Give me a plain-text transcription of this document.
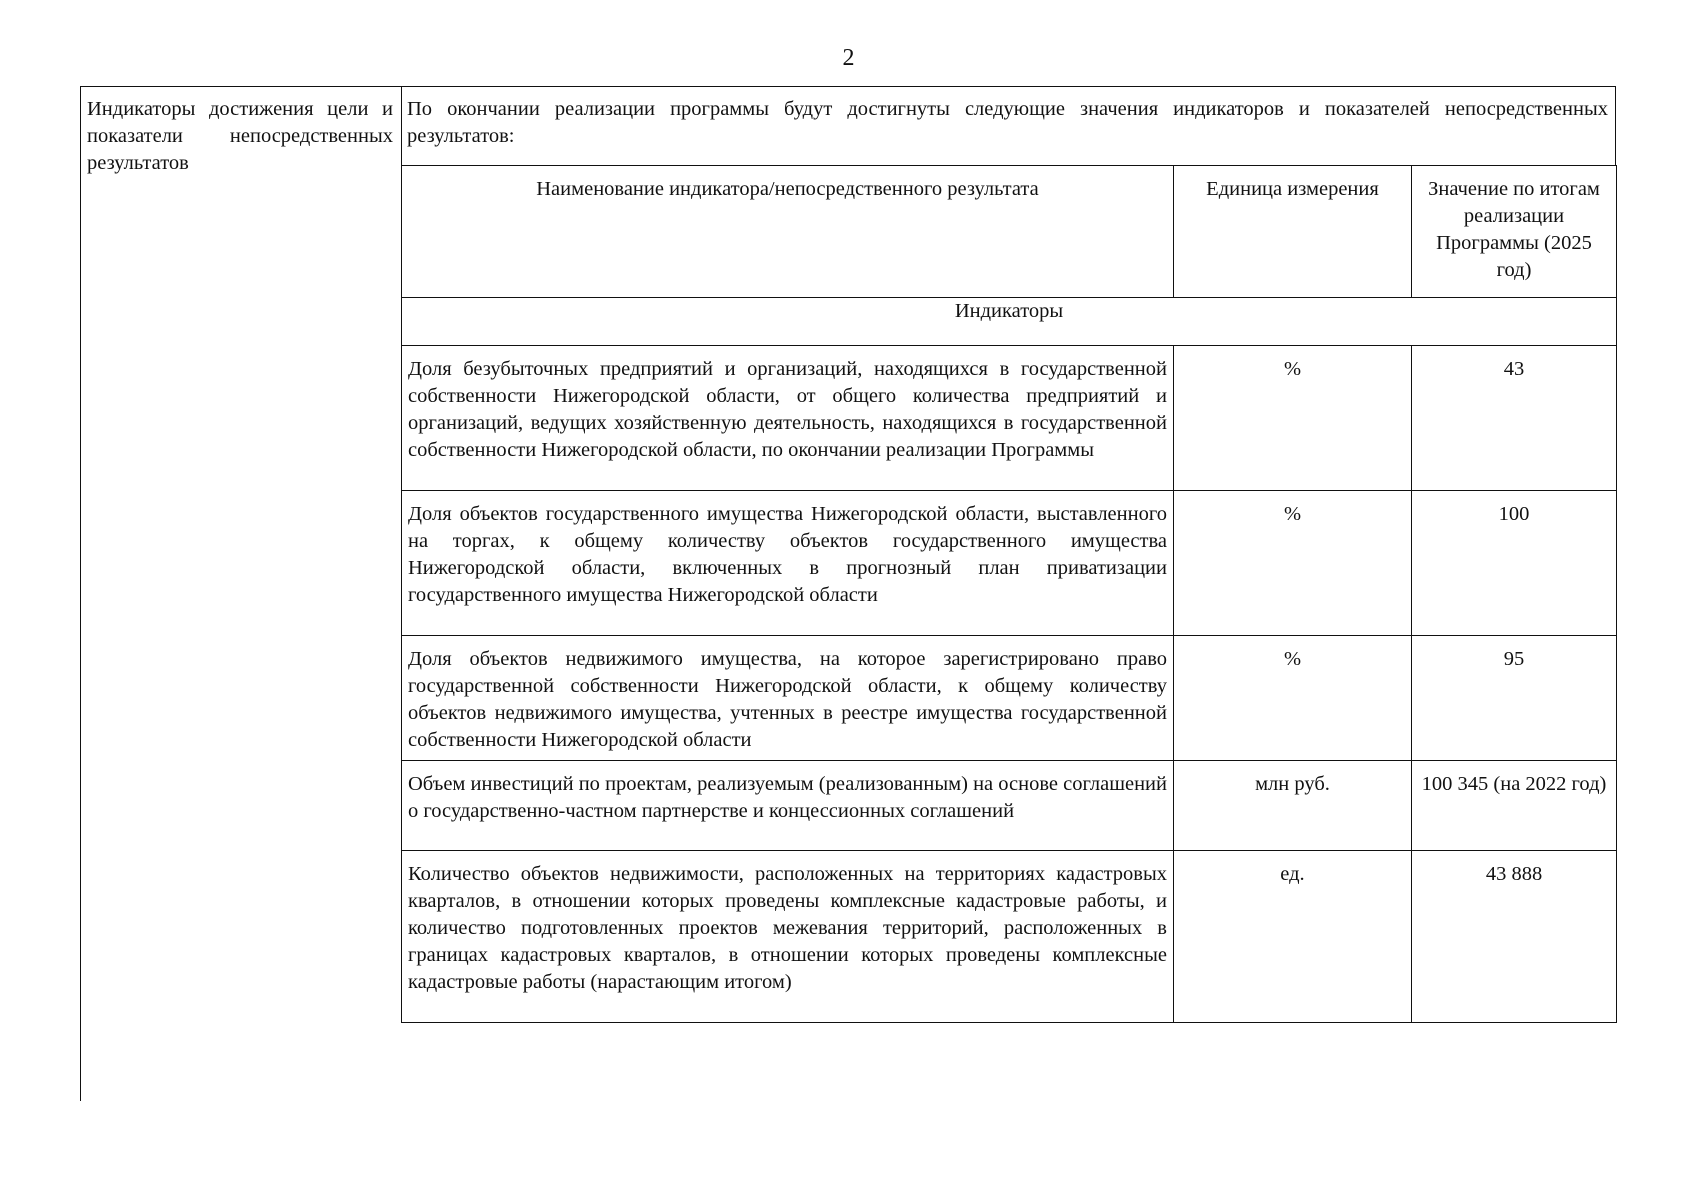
2
Индикаторы достижения цели и показатели непосредственных результатов
По окончании реализации программы будут достигнуты следующие значения индикаторов и показателей непосредственных результатов:
Наименование индикатора/непосредственного результата	Единица измерения	Значение по итогам реализации Программы (2025 год)
Индикаторы		
Доля безубыточных предприятий и организаций, находящихся в государственной собственности Нижегородской области, от общего количества предприятий и организаций, ведущих хозяйственную деятельность, находящихся в государственной собственности Нижегородской области, по окончании реализации Программы	%	43
Доля объектов государственного имущества Нижегородской области, выставленного на торгах, к общему количеству объектов государственного имущества Нижегородской области, включенных в прогнозный план приватизации государственного имущества Нижегородской области	%	100
Доля объектов недвижимого имущества, на которое зарегистрировано право государственной собственности Нижегородской области, к общему количеству объектов недвижимого имущества, учтенных в реестре имущества государственной собственности Нижегородской области	%	95
Объем инвестиций по проектам, реализуемым (реализованным) на основе соглашений о государственно-частном партнерстве и концессионных соглашений	млн руб.	100 345 (на 2022 год)
Количество объектов недвижимости, расположенных на территориях кадастровых кварталов, в отношении которых проведены комплексные кадастровые работы, и количество подготовленных проектов межевания территорий, расположенных в границах кадастровых кварталов, в отношении которых проведены комплексные кадастровые работы (нарастающим итогом)	ед.	43 888
